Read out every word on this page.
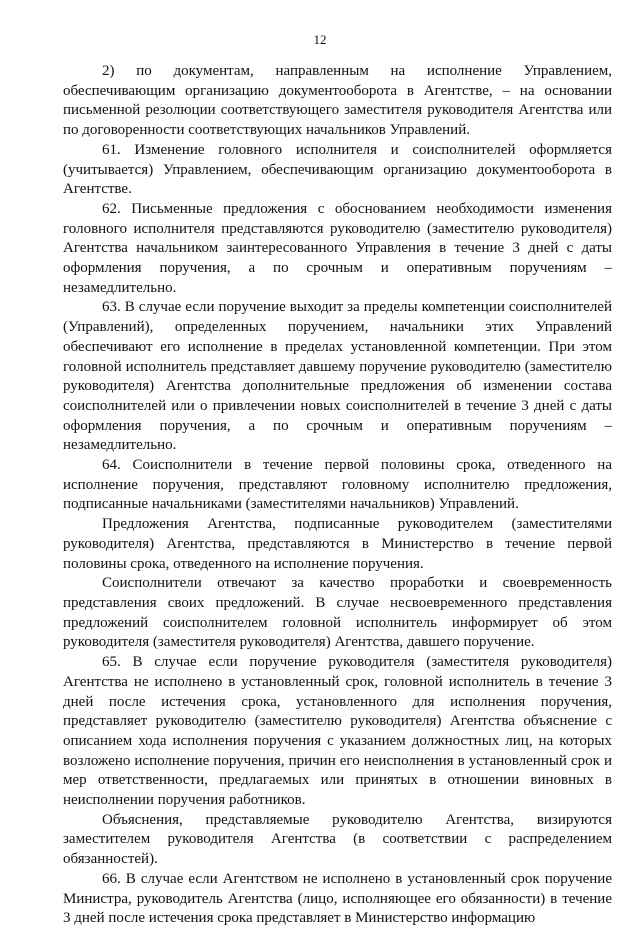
12

2) по документам, направленным на исполнение Управлением, обеспечивающим организацию документооборота в Агентстве, – на основании письменной резолюции соответствующего заместителя руководителя Агентства или по договоренности соответствующих начальников Управлений.

61. Изменение головного исполнителя и соисполнителей оформляется (учитывается) Управлением, обеспечивающим организацию документооборота в Агентстве.

62. Письменные предложения с обоснованием необходимости изменения головного исполнителя представляются руководителю (заместителю руководителя) Агентства начальником заинтересованного Управления в течение 3 дней с даты оформления поручения, а по срочным и оперативным поручениям – незамедлительно.

63. В случае если поручение выходит за пределы компетенции соисполнителей (Управлений), определенных поручением, начальники этих Управлений обеспечивают его исполнение в пределах установленной компетенции. При этом головной исполнитель представляет давшему поручение руководителю (заместителю руководителя) Агентства дополнительные предложения об изменении состава соисполнителей или о привлечении новых соисполнителей в течение 3 дней с даты оформления поручения, а по срочным и оперативным поручениям – незамедлительно.

64. Соисполнители в течение первой половины срока, отведенного на исполнение поручения, представляют головному исполнителю предложения, подписанные начальниками (заместителями начальников) Управлений.

Предложения Агентства, подписанные руководителем (заместителями руководителя) Агентства, представляются в Министерство в течение первой половины срока, отведенного на исполнение поручения.

Соисполнители отвечают за качество проработки и своевременность представления своих предложений. В случае несвоевременного представления предложений соисполнителем головной исполнитель информирует об этом руководителя (заместителя руководителя) Агентства, давшего поручение.

65. В случае если поручение руководителя (заместителя руководителя) Агентства не исполнено в установленный срок, головной исполнитель в течение 3 дней после истечения срока, установленного для исполнения поручения, представляет руководителю (заместителю руководителя) Агентства объяснение с описанием хода исполнения поручения с указанием должностных лиц, на которых возложено исполнение поручения, причин его неисполнения в установленный срок и мер ответственности, предлагаемых или принятых в отношении виновных в неисполнении поручения работников.

Объяснения, представляемые руководителю Агентства, визируются заместителем руководителя Агентства (в соответствии с распределением обязанностей).

66. В случае если Агентством не исполнено в установленный срок поручение Министра, руководитель Агентства (лицо, исполняющее его обязанности) в течение 3 дней после истечения срока представляет в Министерство информацию
